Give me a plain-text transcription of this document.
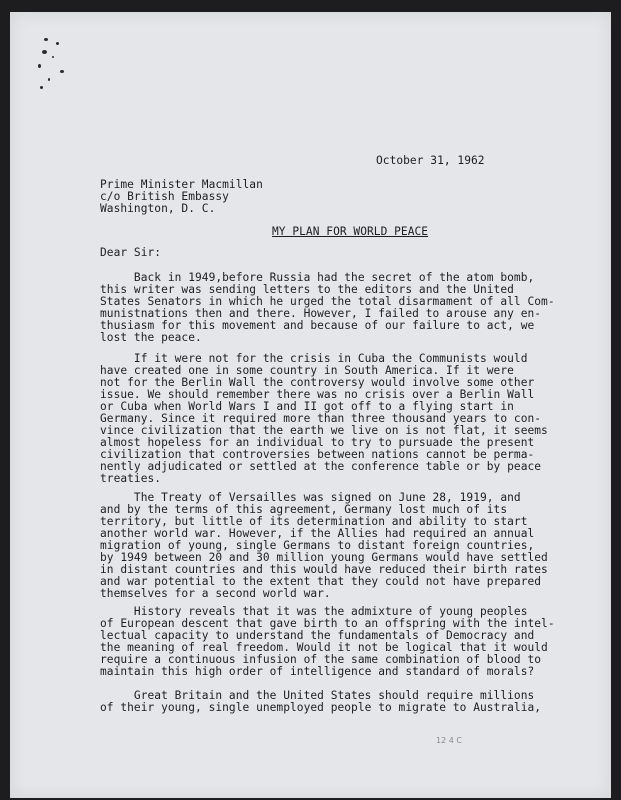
October 31, 1962

Prime Minister Macmillan

c/o British Embassy

Washington, D. C.

MY PLAN FOR WORLD PEACE

Dear Sir:

Back in 1949,before Russia had the secret of the atom bomb,

this writer was sending letters to the editors and the United

States Senators in which he urged the total disarmament of all Com-

munistnations then and there. However, I failed to arouse any en-

thusiasm for this movement and because of our failure to act, we

lost the peace.

If it were not for the crisis in Cuba the Communists would

have created one in some country in South America. If it were

not for the Berlin Wall the controversy would involve some other

issue. We should remember there was no crisis over a Berlin Wall

or Cuba when World Wars I and II got off to a flying start in

Germany. Since it required more than three thousand years to con-

vince civilization that the earth we live on is not flat, it seems

almost hopeless for an individual to try to pursuade the present

civilization that controversies between nations cannot be perma-

nently adjudicated or settled at the conference table or by peace

treaties.

The Treaty of Versailles was signed on June 28, 1919, and

and by the terms of this agreement, Germany lost much of its

territory, but little of its determination and ability to start

another world war. However, if the Allies had required an annual

migration of young, single Germans to distant foreign countries,

by 1949 between 20 and 30 million young Germans would have settled

in distant countries and this would have reduced their birth rates

and war potential to the extent that they could not have prepared

themselves for a second world war.

History reveals that it was the admixture of young peoples

of European descent that gave birth to an offspring with the intel-

lectual capacity to understand the fundamentals of Democracy and

the meaning of real freedom. Would it not be logical that it would

require a continuous infusion of the same combination of blood to

maintain this high order of intelligence and standard of morals?

Great Britain and the United States should require millions

of their young, single unemployed people to migrate to Australia,

12 4 C
